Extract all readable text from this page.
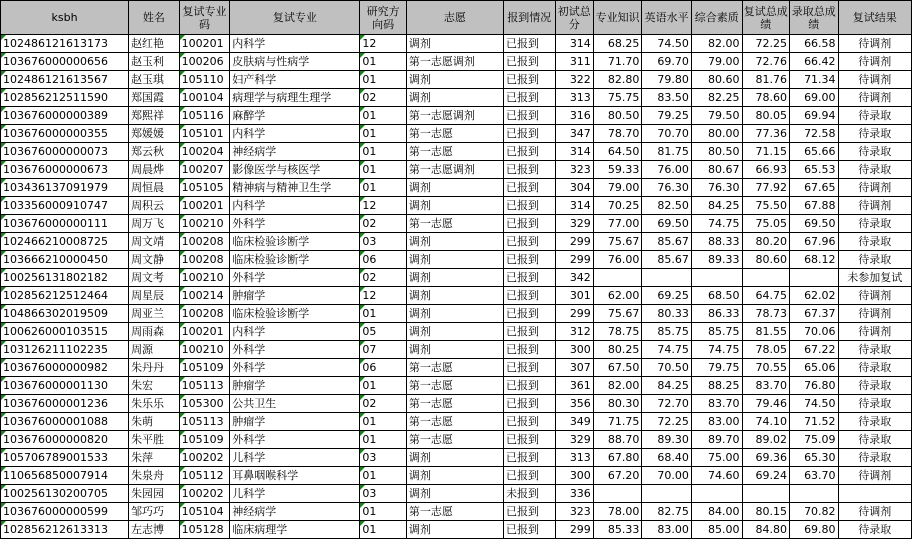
ksbh	姓名	复试专业码	复试专业	研究方向码	志愿	报到情况	初试总分	专业知识	英语水平	综合素质	复试总成绩	录取总成绩	复试结果

102486121613173	赵红艳	100201	内科学	12	调剂	已报到	314	68.25	74.50	82.00	72.25	66.58	待调剂

103676000000656	赵玉利	100206	皮肤病与性病学	01	第一志愿调剂	已报到	311	71.70	69.70	79.00	72.76	66.42	待调剂

102486121613567	赵玉琪	105110	妇产科学	01	调剂	已报到	322	82.80	79.80	80.60	81.76	71.34	待调剂

102856212511590	郑国霞	100104	病理学与病理生理学	02	调剂	已报到	313	75.75	83.50	82.25	78.60	69.00	待调剂

103676000000389	郑熙祥	105116	麻醉学	01	第一志愿调剂	已报到	316	80.50	79.25	79.50	80.05	69.94	待录取

103676000000355	郑媛媛	105101	内科学	01	第一志愿	已报到	347	78.70	70.70	80.00	77.36	72.58	待录取

103676000000073	郑云秋	100204	神经病学	01	第一志愿	已报到	314	64.50	81.75	80.50	71.15	65.66	待录取

103676000000673	周晨烨	100207	影像医学与核医学	01	第一志愿调剂	已报到	323	59.33	76.00	80.67	66.93	65.53	待录取

103436137091979	周恒晨	105105	精神病与精神卫生学	01	调剂	已报到	304	79.00	76.30	76.30	77.92	67.65	待调剂

103356000910747	周积云	100201	内科学	12	调剂	已报到	314	70.25	82.50	84.25	75.50	67.88	待调剂

103676000000111	周万飞	100210	外科学	02	第一志愿	已报到	329	77.00	69.50	74.75	75.05	69.50	待录取

102466210008725	周文靖	100208	临床检验诊断学	03	调剂	已报到	299	75.67	85.67	88.33	80.20	67.96	待录取

103666210000450	周文静	100208	临床检验诊断学	06	调剂	已报到	299	76.00	85.67	89.33	80.60	68.12	待录取

100256131802182	周文考	100210	外科学	02	调剂	已报到	342						未参加复试

102856212512464	周星辰	100214	肿瘤学	12	调剂	已报到	301	62.00	69.25	68.50	64.75	62.02	待调剂

104866302019509	周亚兰	100208	临床检验诊断学	01	调剂	已报到	299	75.67	80.33	86.33	78.73	67.37	待调剂

100626000103515	周雨森	100201	内科学	05	调剂	已报到	312	78.75	85.75	85.75	81.55	70.06	待调剂

103126211102235	周源	100210	外科学	07	调剂	已报到	300	80.25	74.75	74.75	78.05	67.22	待录取

103676000000982	朱丹丹	105109	外科学	06	第一志愿	已报到	307	67.50	70.50	79.75	70.55	65.06	待录取

103676000001130	朱宏	105113	肿瘤学	01	第一志愿	已报到	361	82.00	84.25	88.25	83.70	76.80	待录取

103676000001236	朱乐乐	105300	公共卫生	02	第一志愿	已报到	356	80.30	72.70	83.70	79.46	74.50	待录取

103676000001088	朱萌	105113	肿瘤学	01	第一志愿	已报到	349	71.75	72.25	83.00	74.10	71.52	待录取

103676000000820	朱平胜	105109	外科学	01	第一志愿	已报到	329	88.70	89.30	89.70	89.02	75.09	待录取

105706789001533	朱萍	100202	儿科学	03	调剂	已报到	313	67.80	68.40	75.00	69.36	65.30	待录取

110656850007914	朱泉舟	105112	耳鼻咽喉科学	01	调剂	已报到	300	67.20	70.00	74.60	69.24	63.70	待调剂

100256130200705	朱园园	100202	儿科学	03	调剂	未报到	336						

103676000000599	邹巧巧	105104	神经病学	01	第一志愿	已报到	323	78.00	82.75	84.00	80.15	70.82	待调剂

102856212613313	左志博	105128	临床病理学	01	调剂	已报到	299	85.33	83.00	85.00	84.80	69.80	待录取
